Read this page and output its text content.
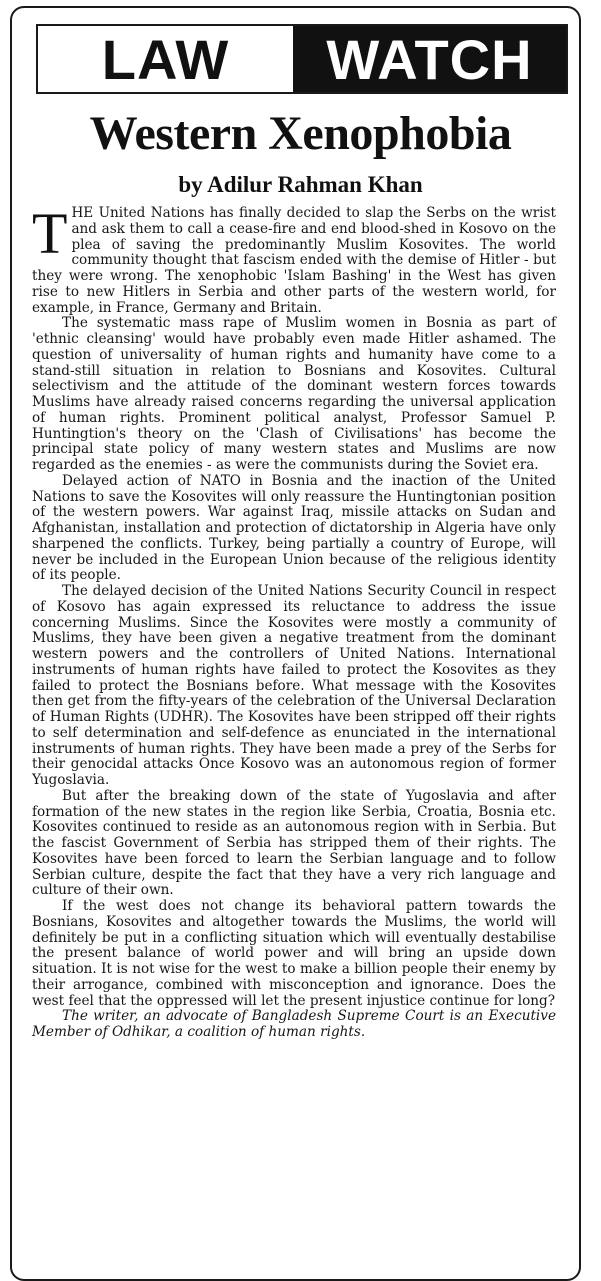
LAW	WATCH
Western Xenophobia
by Adilur Rahman Khan

THE United Nations has finally decided to slap the Serbs on the wrist and ask them to call a cease-fire and end blood-shed in Kosovo on the plea of saving the predominantly Muslim Kosovites. The world community thought that fascism ended with the demise of Hitler - but they were wrong. The xenophobic 'Islam Bashing' in the West has given rise to new Hitlers in Serbia and other parts of the western world, for example, in France, Germany and Britain.

The systematic mass rape of Muslim women in Bosnia as part of 'ethnic cleansing' would have probably even made Hitler ashamed. The question of universality of human rights and humanity have come to a stand-still situation in relation to Bosnians and Kosovites. Cultural selectivism and the attitude of the dominant western forces towards Muslims have already raised concerns regarding the universal application of human rights. Prominent political analyst, Professor Samuel P. Huntingtion's theory on the 'Clash of Civilisations' has become the principal state policy of many western states and Muslims are now regarded as the enemies - as were the communists during the Soviet era.

Delayed action of NATO in Bosnia and the inaction of the United Nations to save the Kosovites will only reassure the Huntingtonian position of the western powers. War against Iraq, missile attacks on Sudan and Afghanistan, installation and protection of dictatorship in Algeria have only sharpened the conflicts. Turkey, being partially a country of Europe, will never be included in the European Union because of the religious identity of its people.

The delayed decision of the United Nations Security Council in respect of Kosovo has again expressed its reluctance to address the issue concerning Muslims. Since the Kosovites were mostly a community of Muslims, they have been given a negative treatment from the dominant western powers and the controllers of United Nations. International instruments of human rights have failed to protect the Kosovites as they failed to protect the Bosnians before. What message with the Kosovites then get from the fifty-years of the celebration of the Universal Declaration of Human Rights (UDHR). The Kosovites have been stripped off their rights to self determination and self-defence as enunciated in the international instruments of human rights. They have been made a prey of the Serbs for their genocidal attacks Once Kosovo was an autonomous region of former Yugoslavia.

But after the breaking down of the state of Yugoslavia and after formation of the new states in the region like Serbia, Croatia, Bosnia etc. Kosovites continued to reside as an autonomous region with in Serbia. But the fascist Government of Serbia has stripped them of their rights. The Kosovites have been forced to learn the Serbian language and to follow Serbian culture, despite the fact that they have a very rich language and culture of their own.

If the west does not change its behavioral pattern towards the Bosnians, Kosovites and altogether towards the Muslims, the world will definitely be put in a conflicting situation which will eventually destabilise the present balance of world power and will bring an upside down situation. It is not wise for the west to make a billion people their enemy by their arrogance, combined with misconception and ignorance. Does the west feel that the oppressed will let the present injustice continue for long?

The writer, an advocate of Bangladesh Supreme Court is an Executive Member of Odhikar, a coalition of human rights.
